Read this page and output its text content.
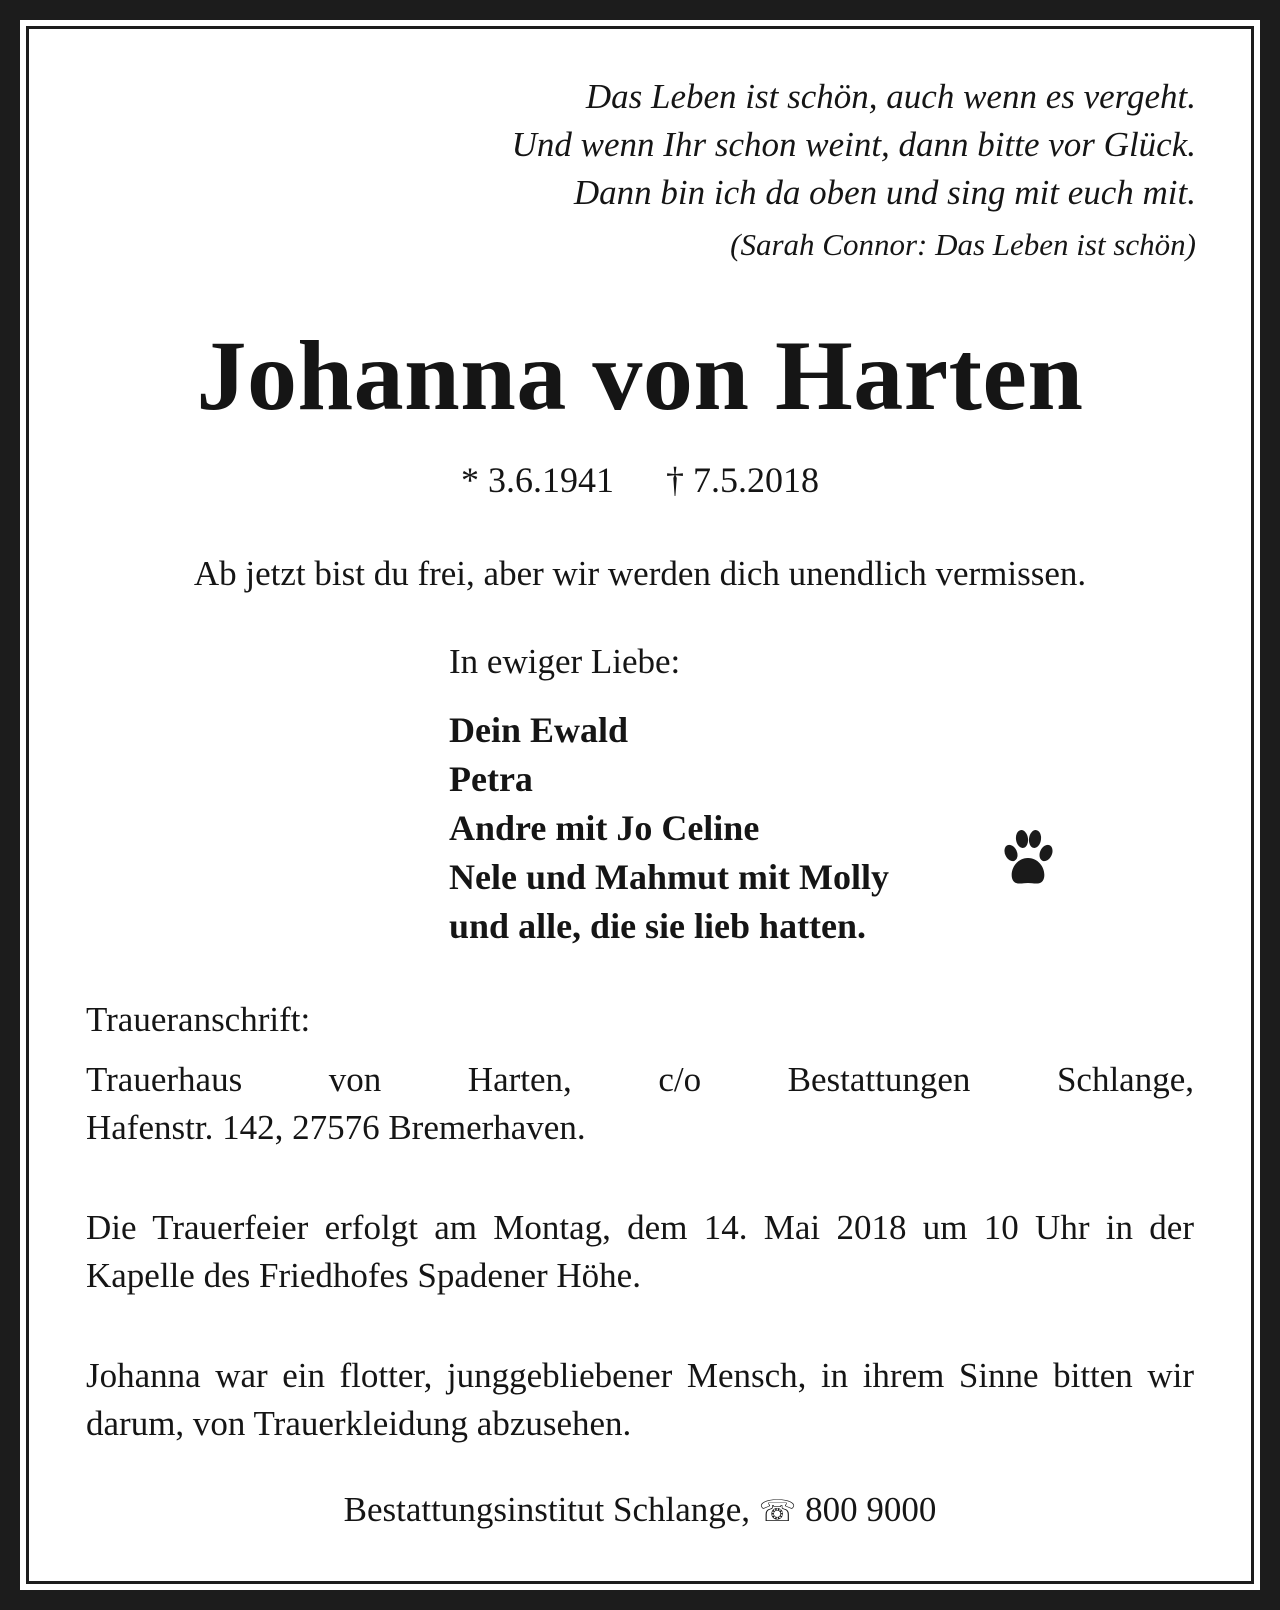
Das Leben ist schön, auch wenn es vergeht.
Und wenn Ihr schon weint, dann bitte vor Glück.
Dann bin ich da oben und sing mit euch mit.
(Sarah Connor: Das Leben ist schön)
Johanna von Harten
* 3.6.1941 † 7.5.2018
Ab jetzt bist du frei, aber wir werden dich unendlich vermissen.
In ewiger Liebe:
Dein Ewald
Petra
Andre mit Jo Celine
Nele und Mahmut mit Molly
und alle, die sie lieb hatten.
Traueranschrift:
Trauerhaus von Harten, c/o Bestattungen Schlange,
Hafenstr. 142, 27576 Bremerhaven.
Die Trauerfeier erfolgt am Montag, dem 14. Mai 2018 um 10 Uhr in der Kapelle des Friedhofes Spadener Höhe.
Johanna war ein flotter, junggebliebener Mensch, in ihrem Sinne bitten wir darum, von Trauerkleidung abzusehen.
Bestattungsinstitut Schlange, ☏ 800 9000
